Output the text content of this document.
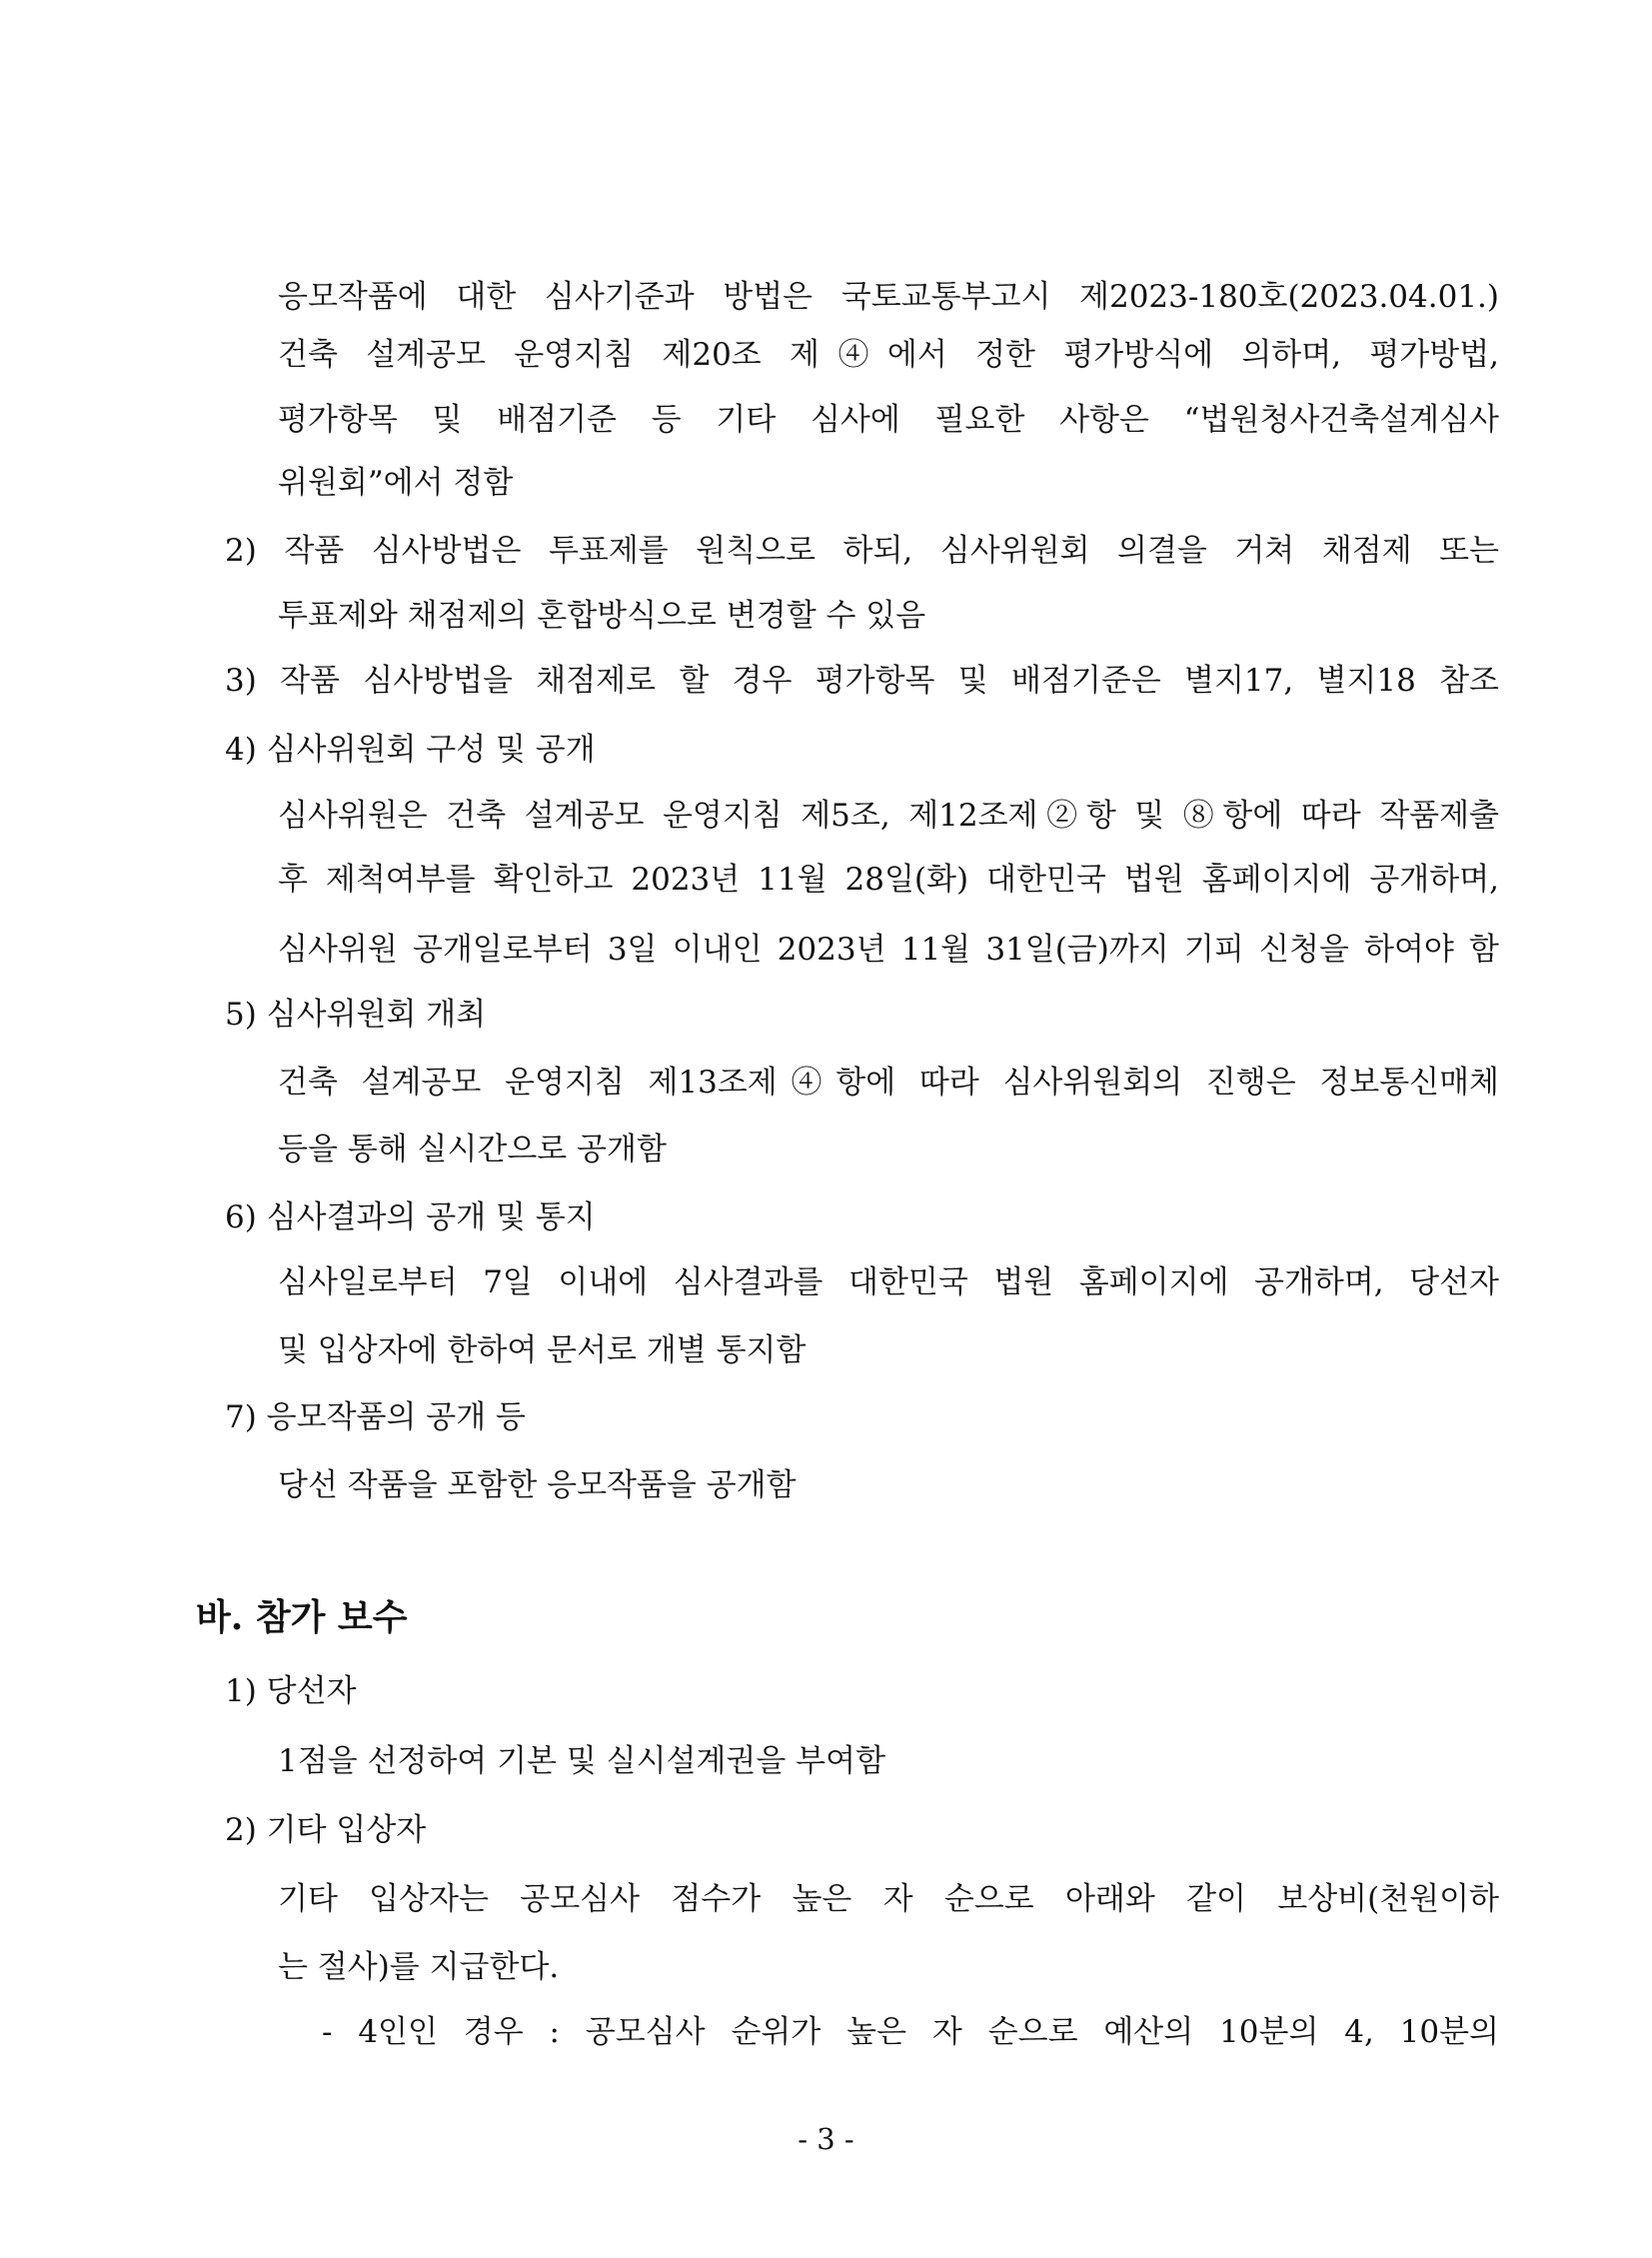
응모작품에 대한 심사기준과 방법은 국토교통부고시 제2023-180호(2023.04.01.)
건축 설계공모 운영지침 제20조 제④에서 정한 평가방식에 의하며, 평가방법,
평가항목 및 배점기준 등 기타 심사에 필요한 사항은 “법원청사건축설계심사
위원회”에서 정함
2) 작품 심사방법은 투표제를 원칙으로 하되, 심사위원회 의결을 거쳐 채점제 또는
투표제와 채점제의 혼합방식으로 변경할 수 있음
3) 작품 심사방법을 채점제로 할 경우 평가항목 및 배점기준은 별지17, 별지18 참조
4) 심사위원회 구성 및 공개
심사위원은 건축 설계공모 운영지침 제5조, 제12조제②항 및 ⑧항에 따라 작품제출
후 제척여부를 확인하고 2023년 11월 28일(화) 대한민국 법원 홈페이지에 공개하며,
심사위원 공개일로부터 3일 이내인 2023년 11월 31일(금)까지 기피 신청을 하여야 함
5) 심사위원회 개최
건축 설계공모 운영지침 제13조제④항에 따라 심사위원회의 진행은 정보통신매체
등을 통해 실시간으로 공개함
6) 심사결과의 공개 및 통지
심사일로부터 7일 이내에 심사결과를 대한민국 법원 홈페이지에 공개하며, 당선자
및 입상자에 한하여 문서로 개별 통지함
7) 응모작품의 공개 등
당선 작품을 포함한 응모작품을 공개함
바. 참가 보수
1) 당선자
1점을 선정하여 기본 및 실시설계권을 부여함
2) 기타 입상자
기타 입상자는 공모심사 점수가 높은 자 순으로 아래와 같이 보상비(천원이하
는 절사)를 지급한다.
- 4인인 경우 : 공모심사 순위가 높은 자 순으로 예산의 10분의 4, 10분의
- 3 -
